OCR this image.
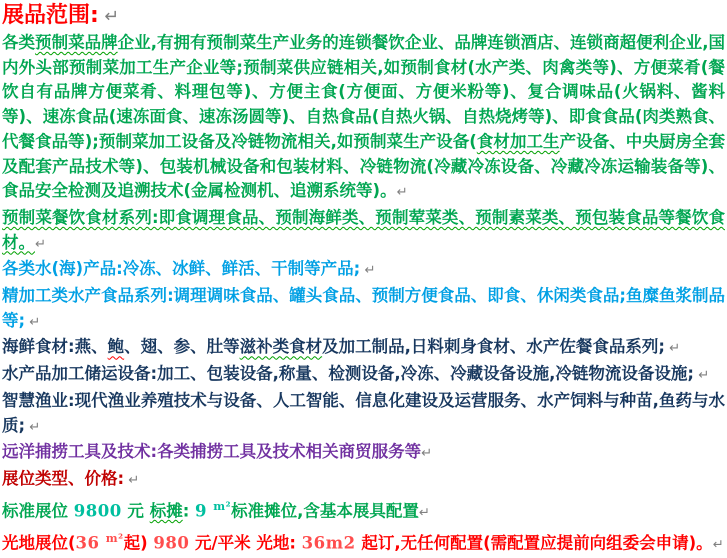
展品范围: ↵

各类预制菜品牌企业,有拥有预制菜生产业务的连锁餐饮企业、品牌连锁酒店、连锁商超便利企业,国内外头部预制菜加工生产企业等;预制菜供应链相关,如预制食材(水产类、肉禽类等)、方便菜肴(餐饮自有品牌方便菜肴、料理包等)、方便主食(方便面、方便米粉等)、复合调味品(火锅料、酱料等)、速冻食品(速冻面食、速冻汤圆等)、自热食品(自热火锅、自热烧烤等)、即食食品(肉类熟食、代餐食品等);预制菜加工设备及冷链物流相关,如预制菜生产设备(食材加工生产设备、中央厨房全套及配套产品技术等)、包装机械设备和包装材料、冷链物流(冷藏冷冻设备、冷藏冷冻运输装备等)、食品安全检测及追溯技术(金属检测机、追溯系统等)。↵

预制菜餐饮食材系列:即食调理食品、预制海鲜类、预制荤菜类、预制素菜类、预包装食品等餐饮食材。↵

各类水(海)产品:冷冻、冰鲜、鲜活、干制等产品; ↵

精加工类水产食品系列:调理调味食品、罐头食品、预制方便食品、即食、休闲类食品;鱼糜鱼浆制品等; ↵

海鲜食材:燕、鲍、翅、参、肚等滋补类食材及加工制品,日料刺身食材、水产佐餐食品系列; ↵

水产品加工储运设备:加工、包装设备,称量、检测设备,冷冻、冷藏设备设施,冷链物流设备设施; ↵

智慧渔业:现代渔业养殖技术与设备、人工智能、信息化建设及运营服务、水产饲料与种苗,鱼药与水质; ↵

远洋捕捞工具及技术:各类捕捞工具及技术相关商贸服务等↵

展位类型、价格: ↵

标准展位 9800 元 标摊: 9 $^{m^2}$标准摊位,含基本展具配置↵

光地展位(36 $^{m^2}$起) 980 元/平米 光地: 36m2 起订,无任何配置(需配置应提前向组委会申请)。↵
